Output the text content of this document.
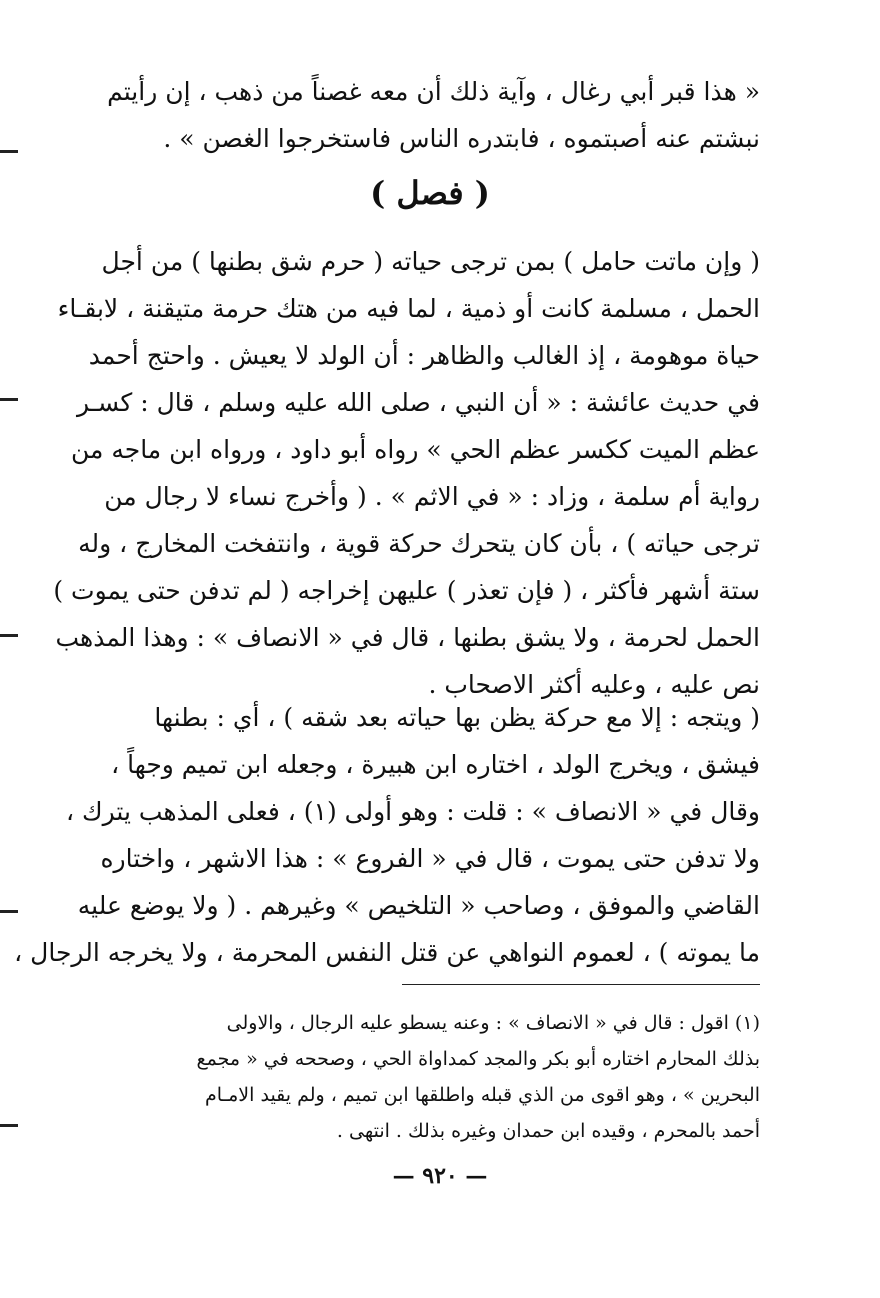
« هذا قبر أبي رغال ، وآية ذلك أن معه غصناً من ذهب ، إن رأيتم
نبشتم عنه أصبتموه ، فابتدره الناس فاستخرجوا الغصن » .
( فصل )
( وإن ماتت حامل ) بمن ترجى حياته ( حرم شق بطنها ) من أجل
الحمل ، مسلمة كانت أو ذمية ، لما فيه من هتك حرمة متيقنة ، لابقـاء
حياة موهومة ، إذ الغالب والظاهر : أن الولد لا يعيش . واحتج أحمد
في حديث عائشة : « أن النبي ، صلى الله عليه وسلم ، قال : كسـر
عظم الميت ككسر عظم الحي » رواه أبو داود ، ورواه ابن ماجه من
رواية أم سلمة ، وزاد : « في الاثم » . ( وأخرج نساء لا رجال من
ترجى حياته ) ، بأن كان يتحرك حركة قوية ، وانتفخت المخارج ، وله
ستة أشهر فأكثر ، ( فإن تعذر ) عليهن إخراجه ( لم تدفن حتى يموت )
الحمل لحرمة ، ولا يشق بطنها ، قال في « الانصاف » : وهذا المذهب
نص عليه ، وعليه أكثر الاصحاب .
( ويتجه : إلا مع حركة يظن بها حياته بعد شقه ) ، أي : بطنها
فيشق ، ويخرج الولد ، اختاره ابن هبيرة ، وجعله ابن تميم وجهاً ،
وقال في « الانصاف » : قلت : وهو أولى (١) ، فعلى المذهب يترك ،
ولا تدفن حتى يموت ، قال في « الفروع » : هذا الاشهر ، واختاره
القاضي والموفق ، وصاحب « التلخيص » وغيرهم . ( ولا يوضع عليه
ما يموته ) ، لعموم النواهي عن قتل النفس المحرمة ، ولا يخرجه الرجال ،
(١) اقول : قال في « الانصاف » : وعنه يسطو عليه الرجال ، والاولى
بذلك المحارم اختاره أبو بكر والمجد كمداواة الحي ، وصححه في « مجمع
البحرين » ، وهو اقوى من الذي قبله واطلقها ابن تميم ، ولم يقيد الامـام
أحمد بالمحرم ، وقيده ابن حمدان وغيره بذلك . انتهى .
— ٩٢٠ —
